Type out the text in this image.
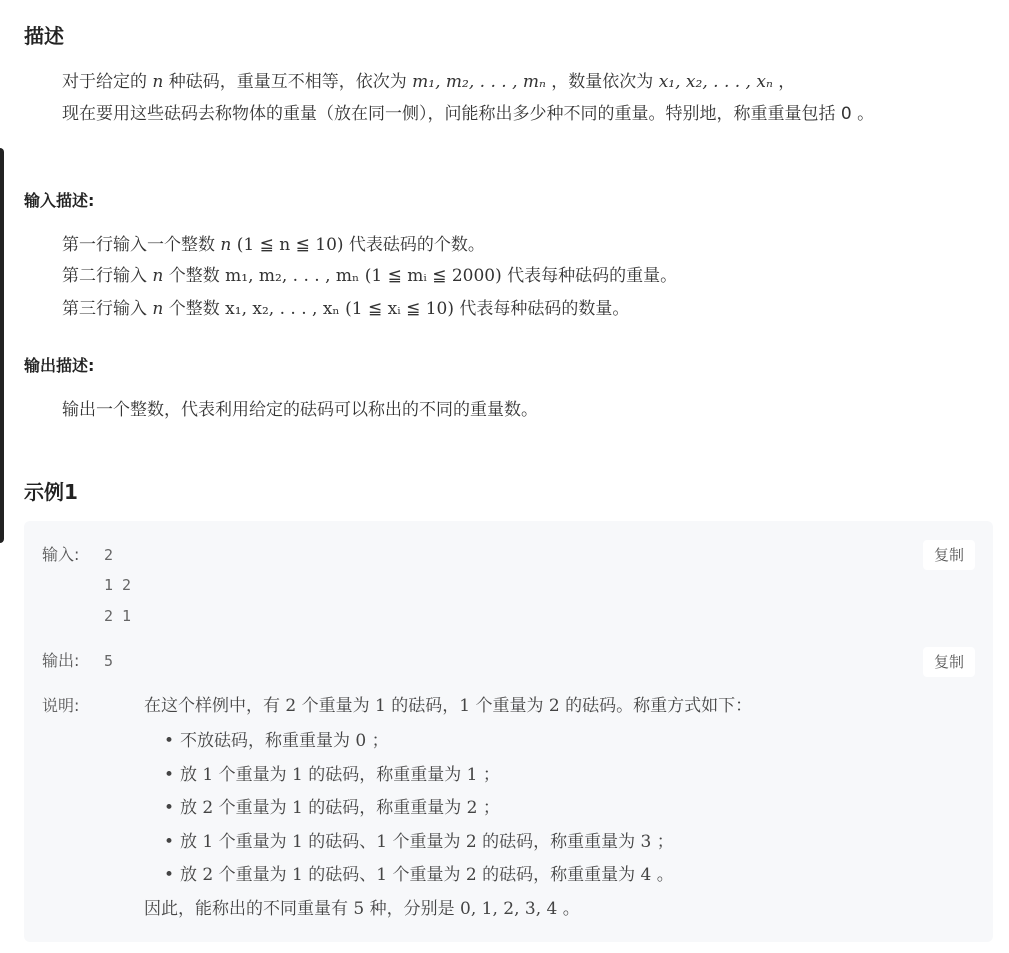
描述
对于给定的 n 种砝码，重量互不相等，依次为 m₁, m₂, . . . , mₙ ，数量依次为 x₁, x₂, . . . , xₙ ，
现在要用这些砝码去称物体的重量（放在同一侧），问能称出多少种不同的重量。特别地，称重重量包括 0 。
输入描述:
第一行输入一个整数 n (1 ≦ n ≦ 10) 代表砝码的个数。
第二行输入 n 个整数 m₁, m₂, . . . , mₙ (1 ≦ mᵢ ≦ 2000) 代表每种砝码的重量。
第三行输入 n 个整数 x₁, x₂, . . . , xₙ (1 ≦ xᵢ ≦ 10) 代表每种砝码的数量。
输出描述:
输出一个整数，代表利用给定的砝码可以称出的不同的重量数。
示例1
输入: 2
1 2
2 1
复制
输出: 5	复制
说明:	在这个样例中，有 2 个重量为 1 的砝码，1 个重量为 2 的砝码。称重方式如下：
• 不放砝码，称重重量为 0 ；
• 放 1 个重量为 1 的砝码，称重重量为 1 ；
• 放 2 个重量为 1 的砝码，称重重量为 2 ；
• 放 1 个重量为 1 的砝码、1 个重量为 2 的砝码，称重重量为 3 ；
• 放 2 个重量为 1 的砝码、1 个重量为 2 的砝码，称重重量为 4 。
因此，能称出的不同重量有 5 种，分别是 0, 1, 2, 3, 4 。
